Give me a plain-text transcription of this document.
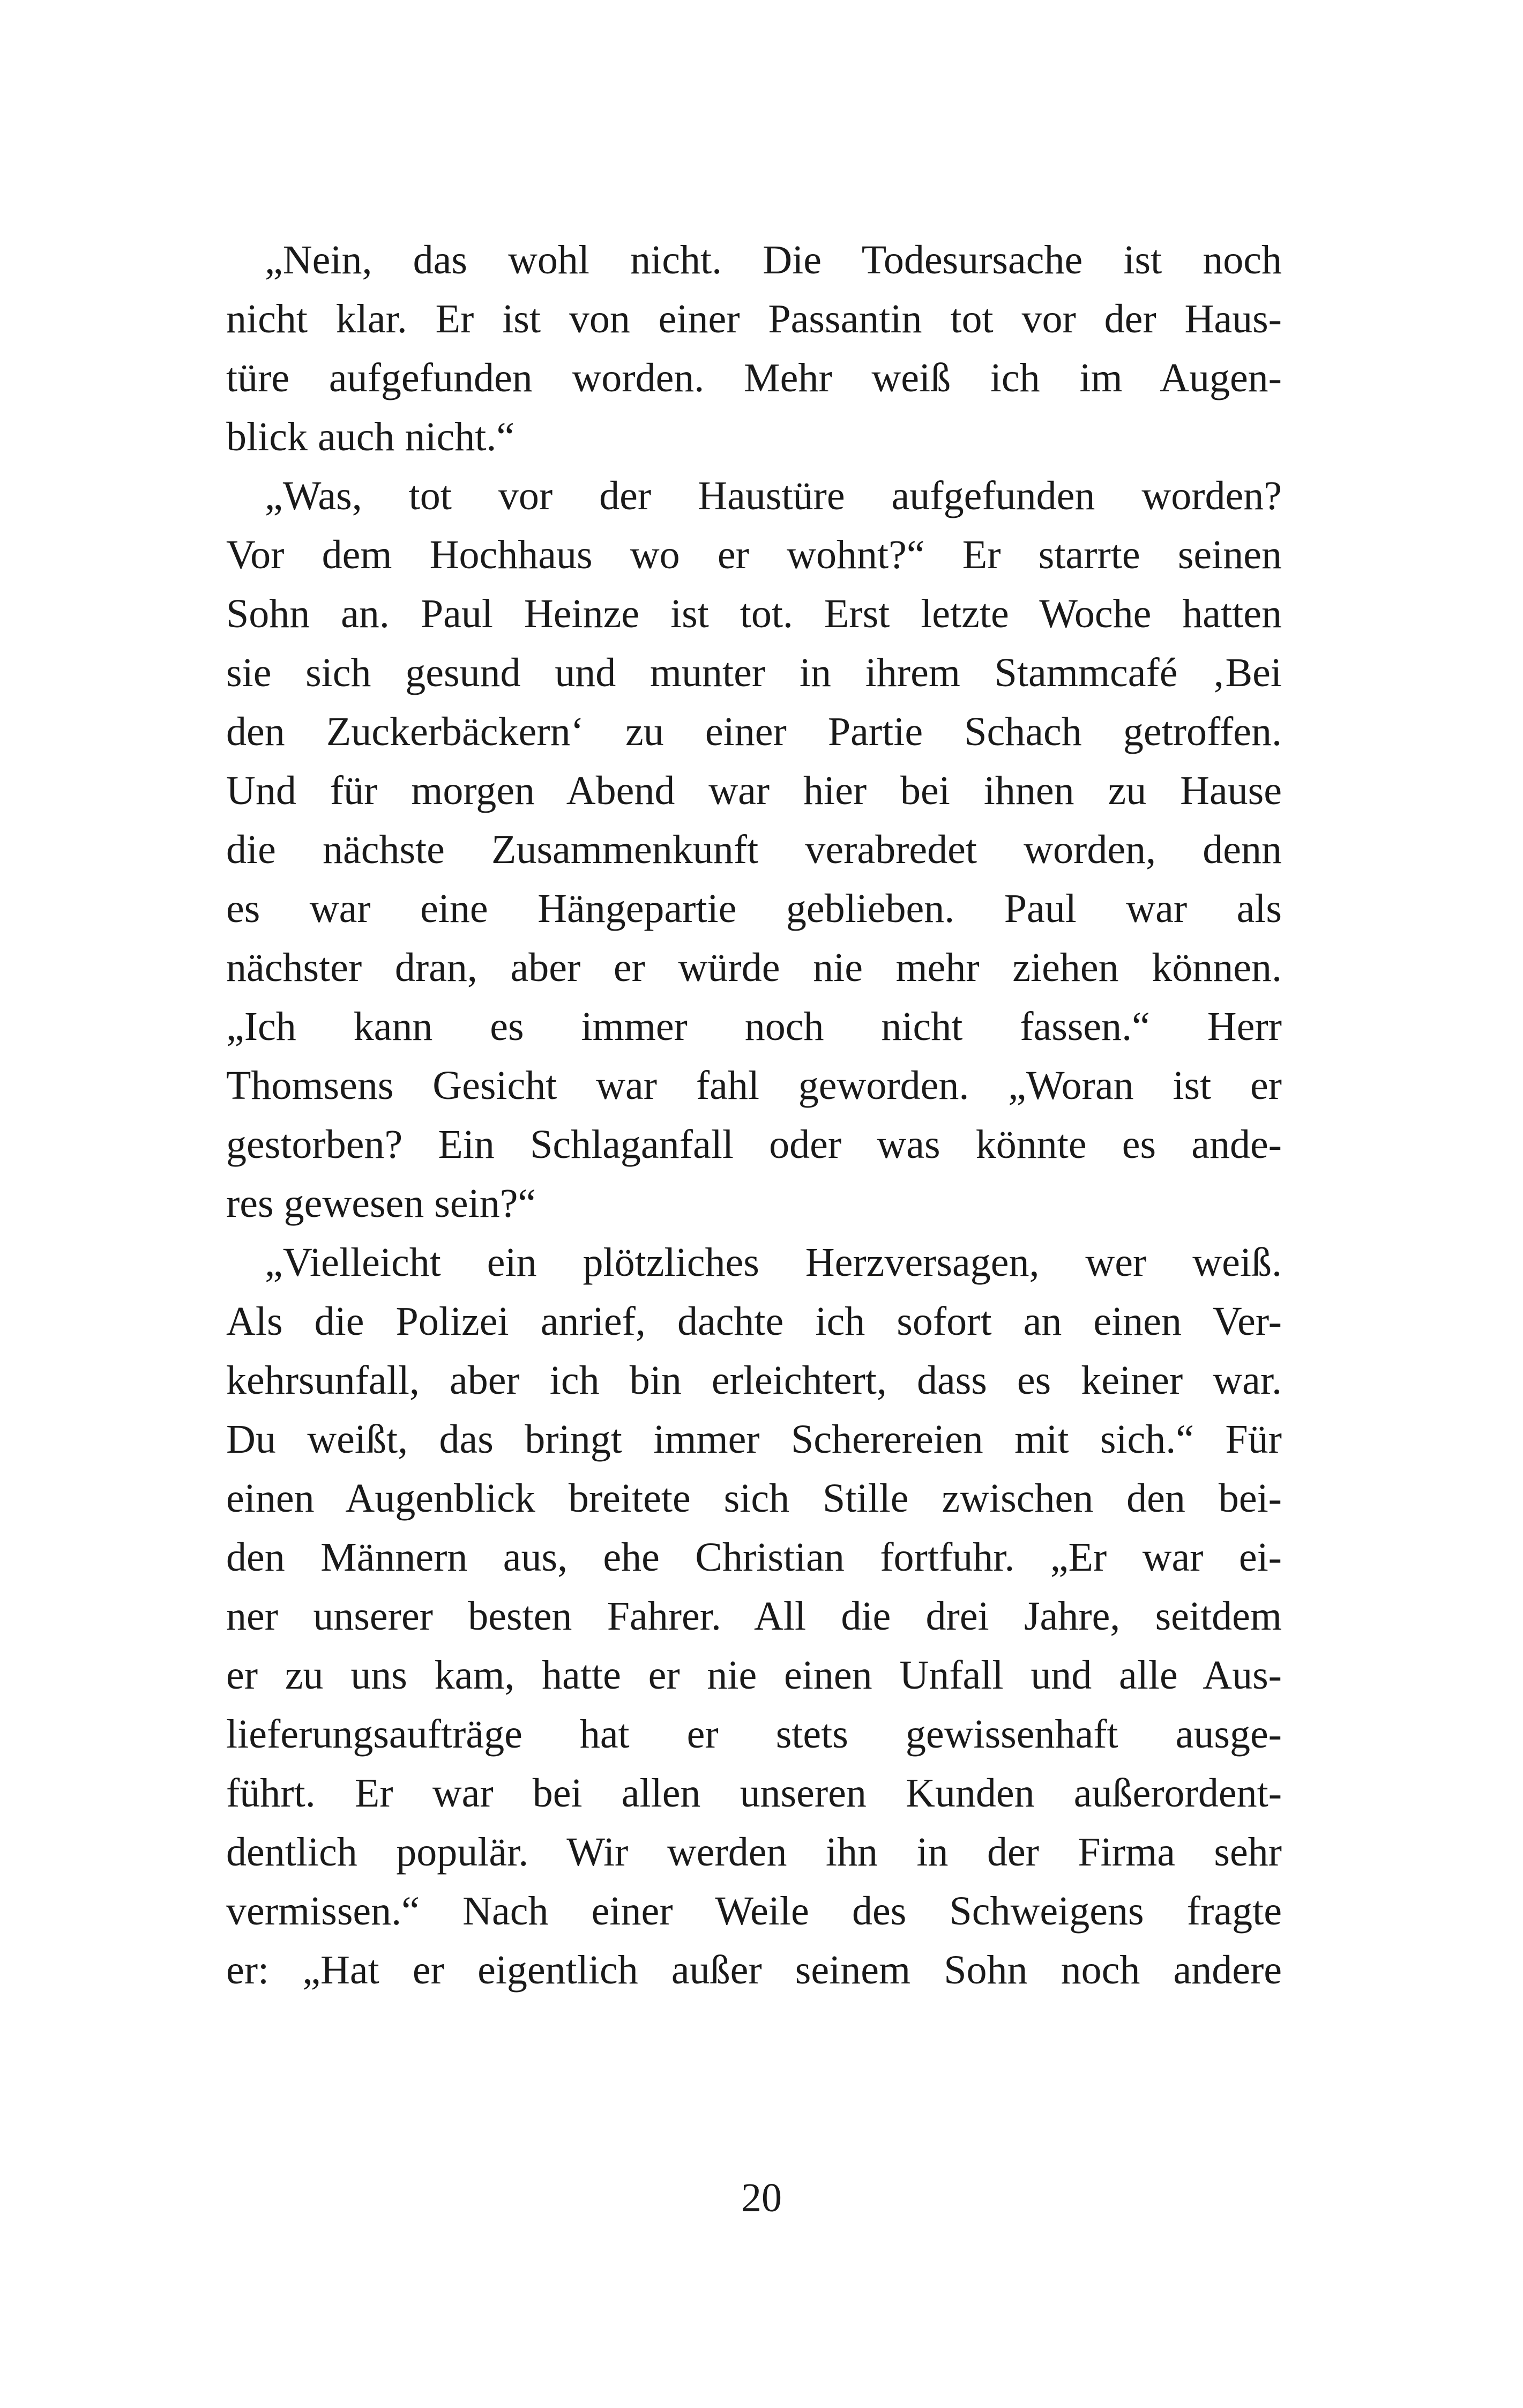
„Nein, das wohl nicht. Die Todesursache ist noch
nicht klar. Er ist von einer Passantin tot vor der Haus-
türe aufgefunden worden. Mehr weiß ich im Augen-
blick auch nicht.“
„Was, tot vor der Haustüre aufgefunden worden?
Vor dem Hochhaus wo er wohnt?“ Er starrte seinen
Sohn an. Paul Heinze ist tot. Erst letzte Woche hatten
sie sich gesund und munter in ihrem Stammcafé ‚Bei
den Zuckerbäckern‘ zu einer Partie Schach getroffen.
Und für morgen Abend war hier bei ihnen zu Hause
die nächste Zusammenkunft verabredet worden, denn
es war eine Hängepartie geblieben. Paul war als
nächster dran, aber er würde nie mehr ziehen können.
„Ich kann es immer noch nicht fassen.“ Herr
Thomsens Gesicht war fahl geworden. „Woran ist er
gestorben? Ein Schlaganfall oder was könnte es ande-
res gewesen sein?“
„Vielleicht ein plötzliches Herzversagen, wer weiß.
Als die Polizei anrief, dachte ich sofort an einen Ver-
kehrsunfall, aber ich bin erleichtert, dass es keiner war.
Du weißt, das bringt immer Scherereien mit sich.“ Für
einen Augenblick breitete sich Stille zwischen den bei-
den Männern aus, ehe Christian fortfuhr. „Er war ei-
ner unserer besten Fahrer. All die drei Jahre, seitdem
er zu uns kam, hatte er nie einen Unfall und alle Aus-
lieferungsaufträge hat er stets gewissenhaft ausge-
führt. Er war bei allen unseren Kunden außerordent-
dentlich populär. Wir werden ihn in der Firma sehr
vermissen.“ Nach einer Weile des Schweigens fragte
er: „Hat er eigentlich außer seinem Sohn noch andere
20
